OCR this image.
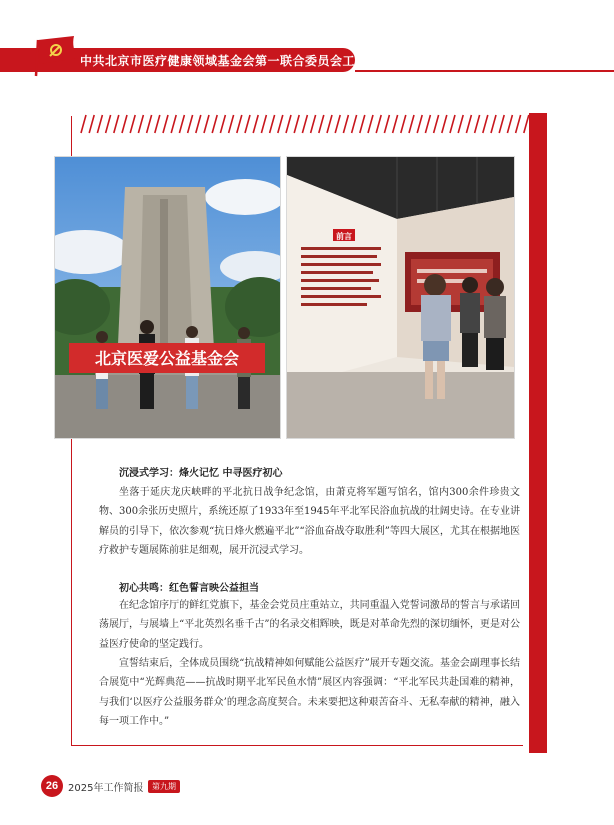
中共北京市医疗健康领域基金会第一联合委员会工作简报
北京医爱公益基金会
前言
沉浸式学习：烽火记忆 中寻医疗初心

坐落于延庆龙庆峡畔的平北抗日战争纪念馆，由萧克将军题写馆名，馆内300余件珍贵文物、300余张历史照片，系统还原了1933年至1945年平北军民浴血抗战的壮阔史诗。在专业讲解员的引导下，依次参观“抗日烽火燃遍平北”“浴血奋战夺取胜利”等四大展区，尤其在根据地医疗救护专题展陈前驻足细观，展开沉浸式学习。

初心共鸣：红色誓言映公益担当

在纪念馆序厅的鲜红党旗下，基金会党员庄重站立，共同重温入党誓词激昂的誓言与承诺回荡展厅，与展墙上“平北英烈名垂千古”的名录交相辉映，既是对革命先烈的深切缅怀，更是对公益医疗使命的坚定践行。

宣誓结束后，全体成员围绕“抗战精神如何赋能公益医疗”展开专题交流。基金会副理事长结合展览中“光辉典范——抗战时期平北军民鱼水情”展区内容强调：“平北军民共赴国难的精神，与我们‘以医疗公益服务群众’的理念高度契合。未来要把这种艰苦奋斗、无私奉献的精神，融入每一项工作中。”

26 2025年工作简报	第九期
